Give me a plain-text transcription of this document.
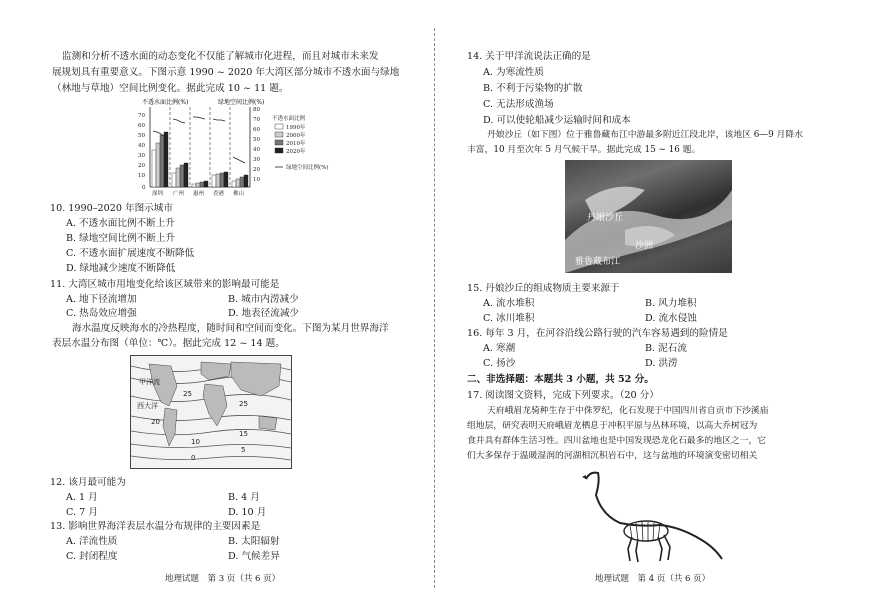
监测和分析不透水面的动态变化不仅能了解城市化进程，而且对城市未来发
展规划具有重要意义。下图示意 1990 ~ 2020 年大湾区部分城市不透水面与绿地
（林地与草地）空间比例变化。据此完成 10 ~ 11 题。
不透水面比例(%)	绿地空间比例(%)
70
60
50
40
30
20
10
0
80
70
60
50
40
30
20
10
深圳 广州 惠州 香港 佛山
不透水面比例
1990年
2000年
2010年
2020年
绿地空间比例(%)
10. 1990–2020 年图示城市
A. 不透水面比例不断上升
B. 绿地空间比例不断上升
C. 不透水面扩展速度不断降低
D. 绿地减少速度不断降低
11. 大湾区城市用地变化给该区域带来的影响最可能是
A. 地下径流增加	B. 城市内涝减少
C. 热岛效应增强	D. 地表径流减少
海水温度反映海水的冷热程度，随时间和空间而变化。下图为某月世界海洋
表层水温分布图（单位：℃）。据此完成 12 ~ 14 题。
25
25
20
15
10
5
0
甲洋流
西大洋
12. 该月最可能为
A. 1 月	B. 4 月
C. 7 月	D. 10 月
13. 影响世界海洋表层水温分布规律的主要因素是
A. 洋流性质	B. 太阳辐射
C. 封闭程度	D. 气候差异
地理试题　第 3 页（共 6 页）
14. 关于甲洋流说法正确的是
A. 为寒流性质
B. 不利于污染物的扩散
C. 无法形成渔场
D. 可以使轮船减少运输时间和成本
丹娘沙丘（如下图）位于雅鲁藏布江中游最多附近江段北岸，该地区 6—9 月降水
丰富，10 月至次年 5 月气候干旱。据此完成 15 ~ 16 题。
丹娘沙丘
沙洲
雅鲁藏布江
15. 丹娘沙丘的组成物质主要来源于
A. 流水堆积	B. 风力堆积
C. 冰川堆积	D. 流水侵蚀
16. 每年 3 月，在河谷沿线公路行驶的汽车容易遇到的险情是
A. 寒潮	B. 泥石流
C. 扬沙	D. 洪涝
二、非选择题：本题共 3 小题，共 52 分。
17. 阅读图文资料，完成下列要求。（20 分）
天府峨眉龙骑种生存于中侏罗纪，化石发现于中国四川省自贡市下沙溪庙
组地层，研究表明天府峨眉龙栖息于冲积平原与丛林环境，以高大乔树冠为
食并具有群体生活习性。四川盆地也是中国发现恐龙化石最多的地区之一，它
们大多保存于温暖湿润的河湖相沉积岩石中，这与盆地的环境演变密切相关
地理试题　第 4 页（共 6 页）
